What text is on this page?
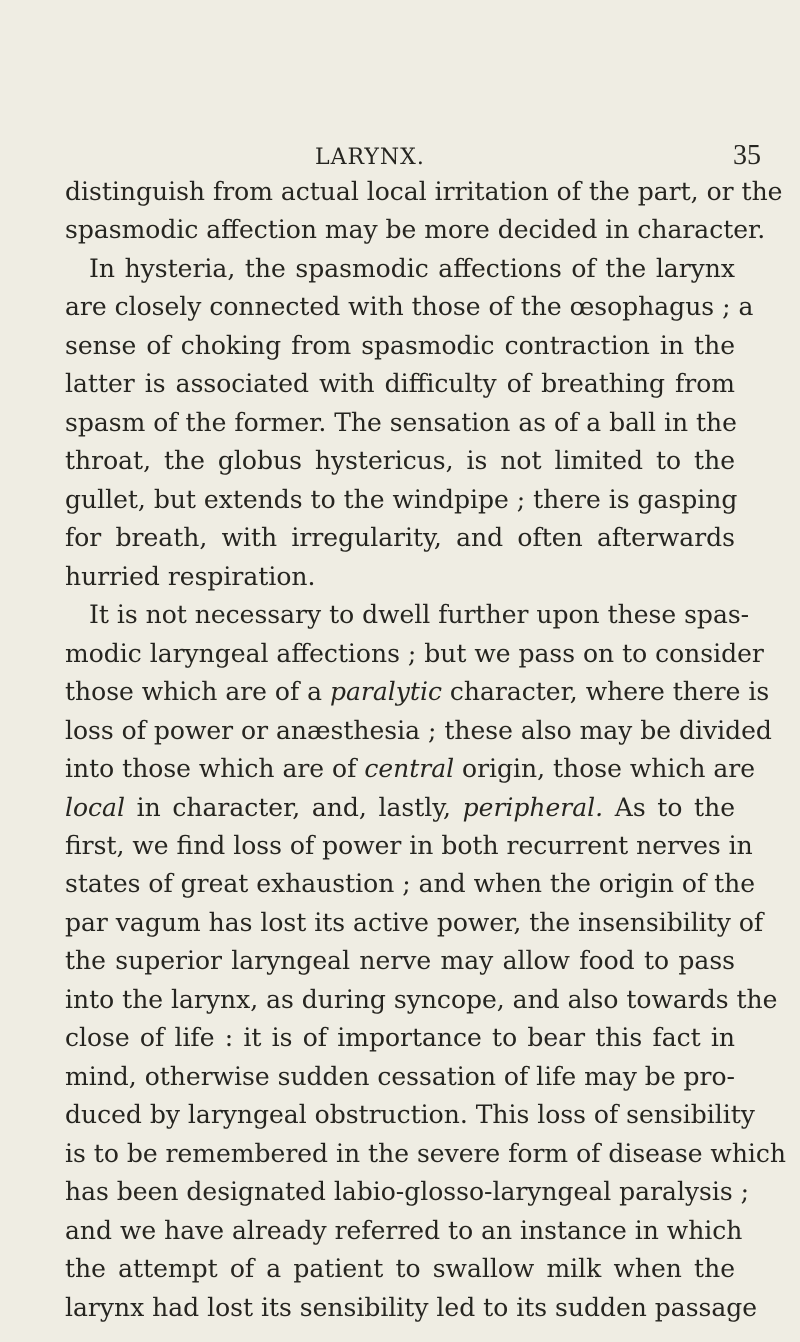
LARYNX.	35
distinguish from actual local irritation of the part, or the
spasmodic affection may be more decided in character.
In hysteria, the spasmodic affections of the larynx
are closely connected with those of the œsophagus ; a
sense of choking from spasmodic contraction in the
latter is associated with difficulty of breathing from
spasm of the former. The sensation as of a ball in the
throat, the globus hystericus, is not limited to the
gullet, but extends to the windpipe ; there is gasping
for breath, with irregularity, and often afterwards
hurried respiration.
It is not necessary to dwell further upon these spas-
modic laryngeal affections ; but we pass on to consider
those which are of a paralytic character, where there is
loss of power or anæsthesia ; these also may be divided
into those which are of central origin, those which are
local in character, and, lastly, peripheral. As to the
first, we find loss of power in both recurrent nerves in
states of great exhaustion ; and when the origin of the
par vagum has lost its active power, the insensibility of
the superior laryngeal nerve may allow food to pass
into the larynx, as during syncope, and also towards the
close of life : it is of importance to bear this fact in
mind, otherwise sudden cessation of life may be pro-
duced by laryngeal obstruction. This loss of sensibility
is to be remembered in the severe form of disease which
has been designated labio-glosso-laryngeal paralysis ;
and we have already referred to an instance in which
the attempt of a patient to swallow milk when the
larynx had lost its sensibility led to its sudden passage
